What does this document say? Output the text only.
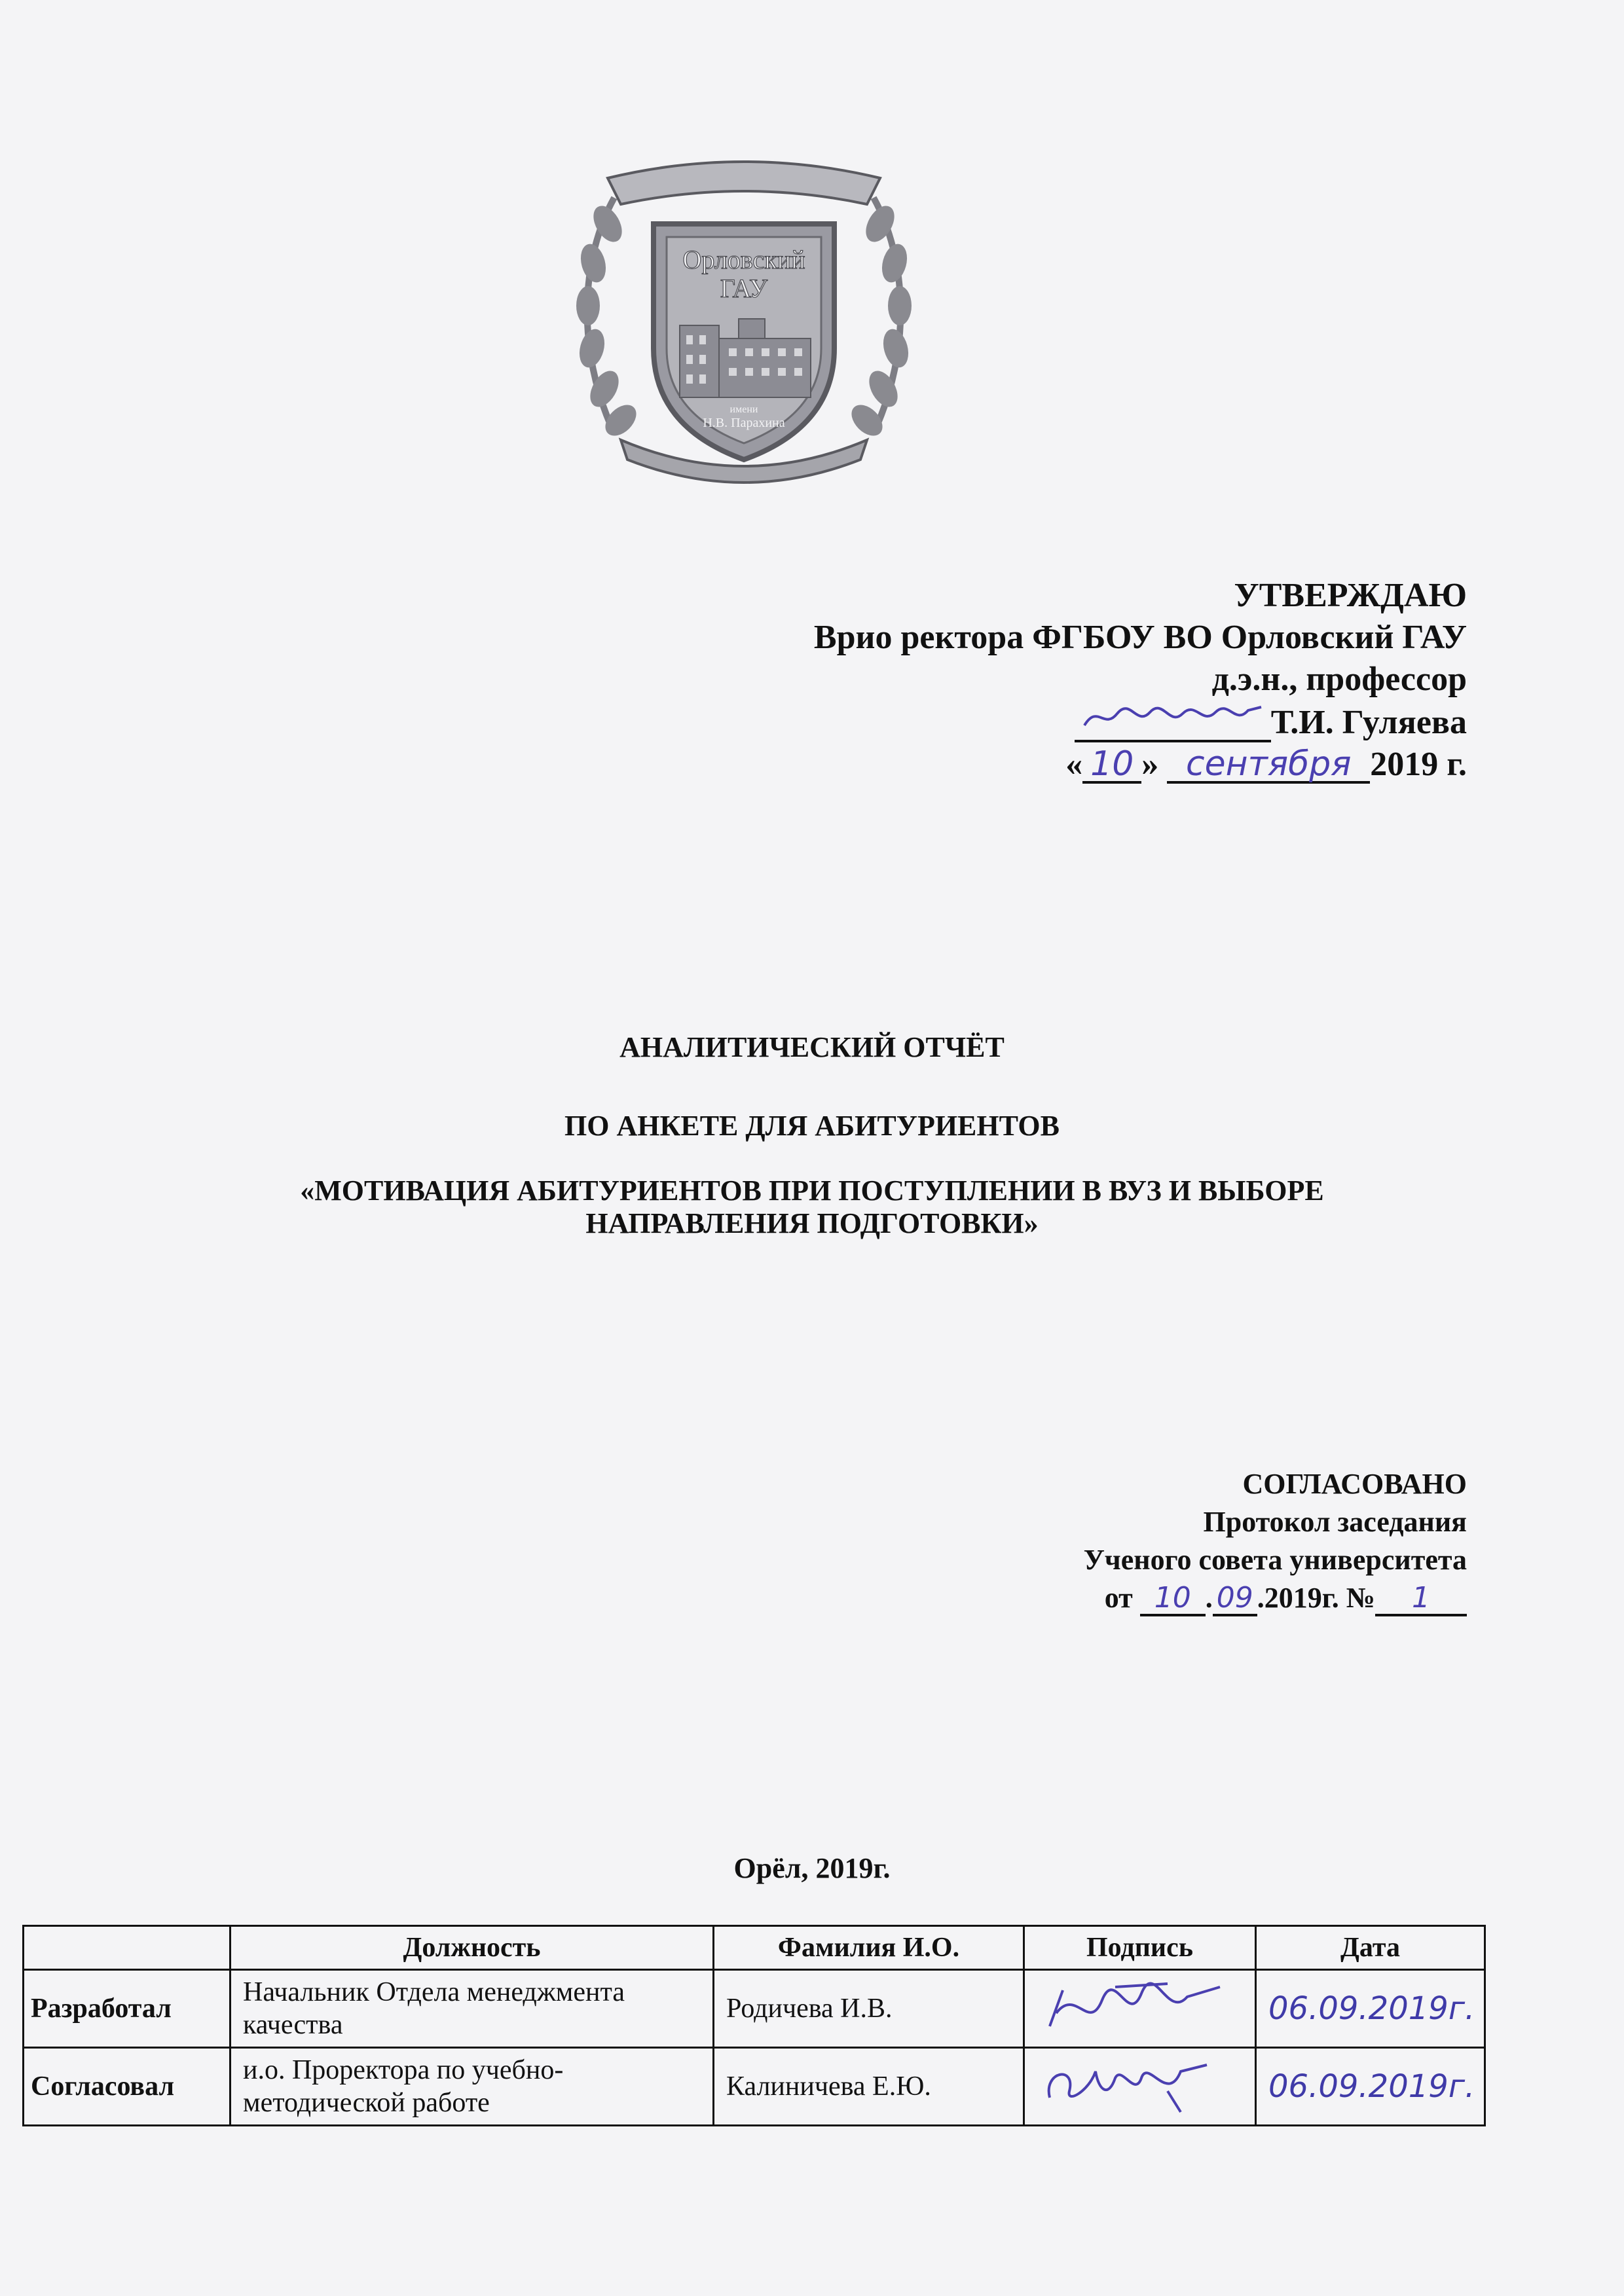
Орловский
ГАУ
имени
Н.В. Парахина
УТВЕРЖДАЮ
Врио ректора ФГБОУ ВО Орловский ГАУ
д.э.н., профессор
Т.И. Гуляева
« 10 » сентября 2019 г.
АНАЛИТИЧЕСКИЙ ОТЧЁТ
ПО АНКЕТЕ ДЛЯ АБИТУРИЕНТОВ
«МОТИВАЦИЯ АБИТУРИЕНТОВ ПРИ ПОСТУПЛЕНИИ В ВУЗ И ВЫБОРЕ
НАПРАВЛЕНИЯ ПОДГОТОВКИ»
СОГЛАСОВАНО
Протокол заседания
Ученого совета университета
от 10 . 09 .2019г. № 1
Орёл, 2019г.
	Должность	Фамилия И.О.	Подпись	Дата
Разработал	Начальник Отдела менеджмента качества	Родичева И.В.		06.09.2019г.
Согласовал	и.о. Проректора по учебно-методической работе	Калиничева Е.Ю.		06.09.2019г.
